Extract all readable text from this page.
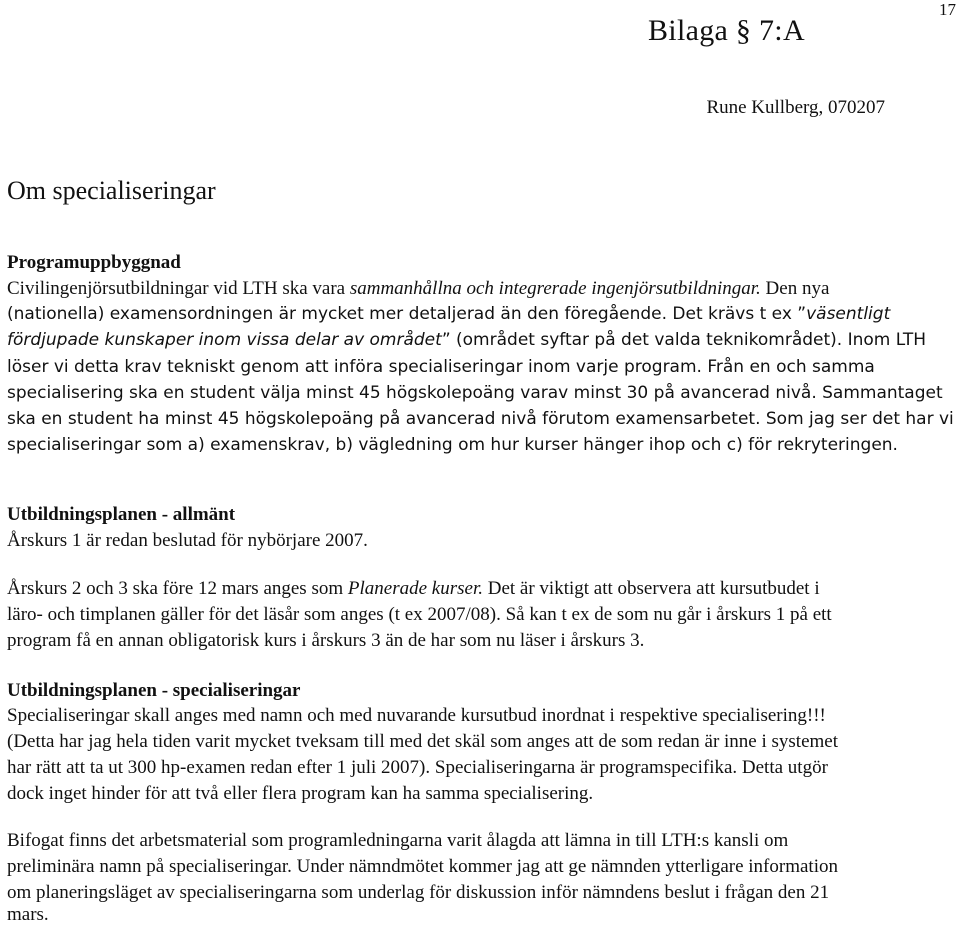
17
Bilaga § 7:A
Rune Kullberg, 070207
Om specialiseringar
Programuppbyggnad
Civilingenjörsutbildningar vid LTH ska vara sammanhållna och integrerade ingenjörsutbildningar. Den nya
(nationella) examensordningen är mycket mer detaljerad än den föregående. Det krävs t ex ”väsentligt
fördjupade kunskaper inom vissa delar av området” (området syftar på det valda teknikområdet). Inom LTH
löser vi detta krav tekniskt genom att införa specialiseringar inom varje program. Från en och samma
specialisering ska en student välja minst 45 högskolepoäng varav minst 30 på avancerad nivå. Sammantaget
ska en student ha minst 45 högskolepoäng på avancerad nivå förutom examensarbetet. Som jag ser det har vi
specialiseringar som a) examenskrav, b) vägledning om hur kurser hänger ihop och c) för rekryteringen.
Utbildningsplanen - allmänt
Årskurs 1 är redan beslutad för nybörjare 2007.
Årskurs 2 och 3 ska före 12 mars anges som Planerade kurser. Det är viktigt att observera att kursutbudet i
läro- och timplanen gäller för det läsår som anges (t ex 2007/08). Så kan t ex de som nu går i årskurs 1 på ett
program få en annan obligatorisk kurs i årskurs 3 än de har som nu läser i årskurs 3.
Utbildningsplanen - specialiseringar
Specialiseringar skall anges med namn och med nuvarande kursutbud inordnat i respektive specialisering!!!
(Detta har jag hela tiden varit mycket tveksam till med det skäl som anges att de som redan är inne i systemet
har rätt att ta ut 300 hp-examen redan efter 1 juli 2007). Specialiseringarna är programspecifika. Detta utgör
dock inget hinder för att två eller flera program kan ha samma specialisering.
Bifogat finns det arbetsmaterial som programledningarna varit ålagda att lämna in till LTH:s kansli om
preliminära namn på specialiseringar. Under nämndmötet kommer jag att ge nämnden ytterligare information
om planeringsläget av specialiseringarna som underlag för diskussion inför nämndens beslut i frågan den 21
mars.
